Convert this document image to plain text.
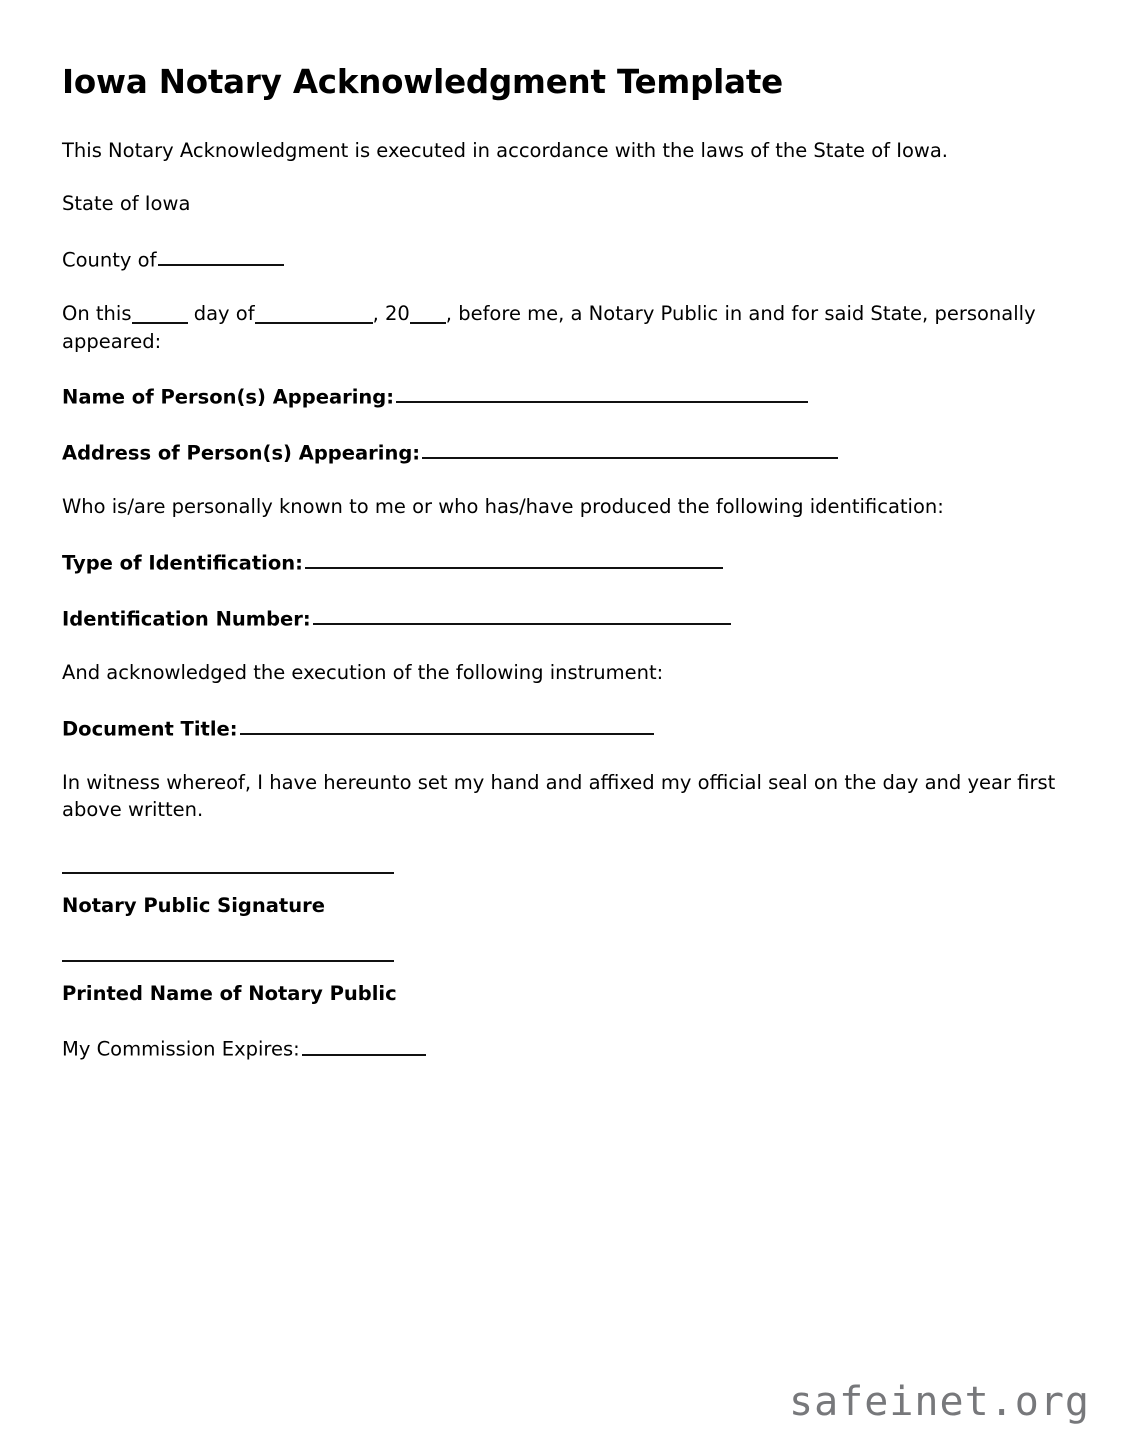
Iowa Notary Acknowledgment Template

This Notary Acknowledgment is executed in accordance with the laws of the State of Iowa.

State of Iowa

County of

On this	day of	, 20 , before me, a Notary Public in and for said State, personally appeared:

Name of Person(s) Appearing:

Address of Person(s) Appearing:

Who is/are personally known to me or who has/have produced the following identification:

Type of Identification:

Identification Number:

And acknowledged the execution of the following instrument:

Document Title:

In witness whereof, I have hereunto set my hand and affixed my official seal on the day and year first above written.

Notary Public Signature

Printed Name of Notary Public

My Commission Expires:

safeinet.org
